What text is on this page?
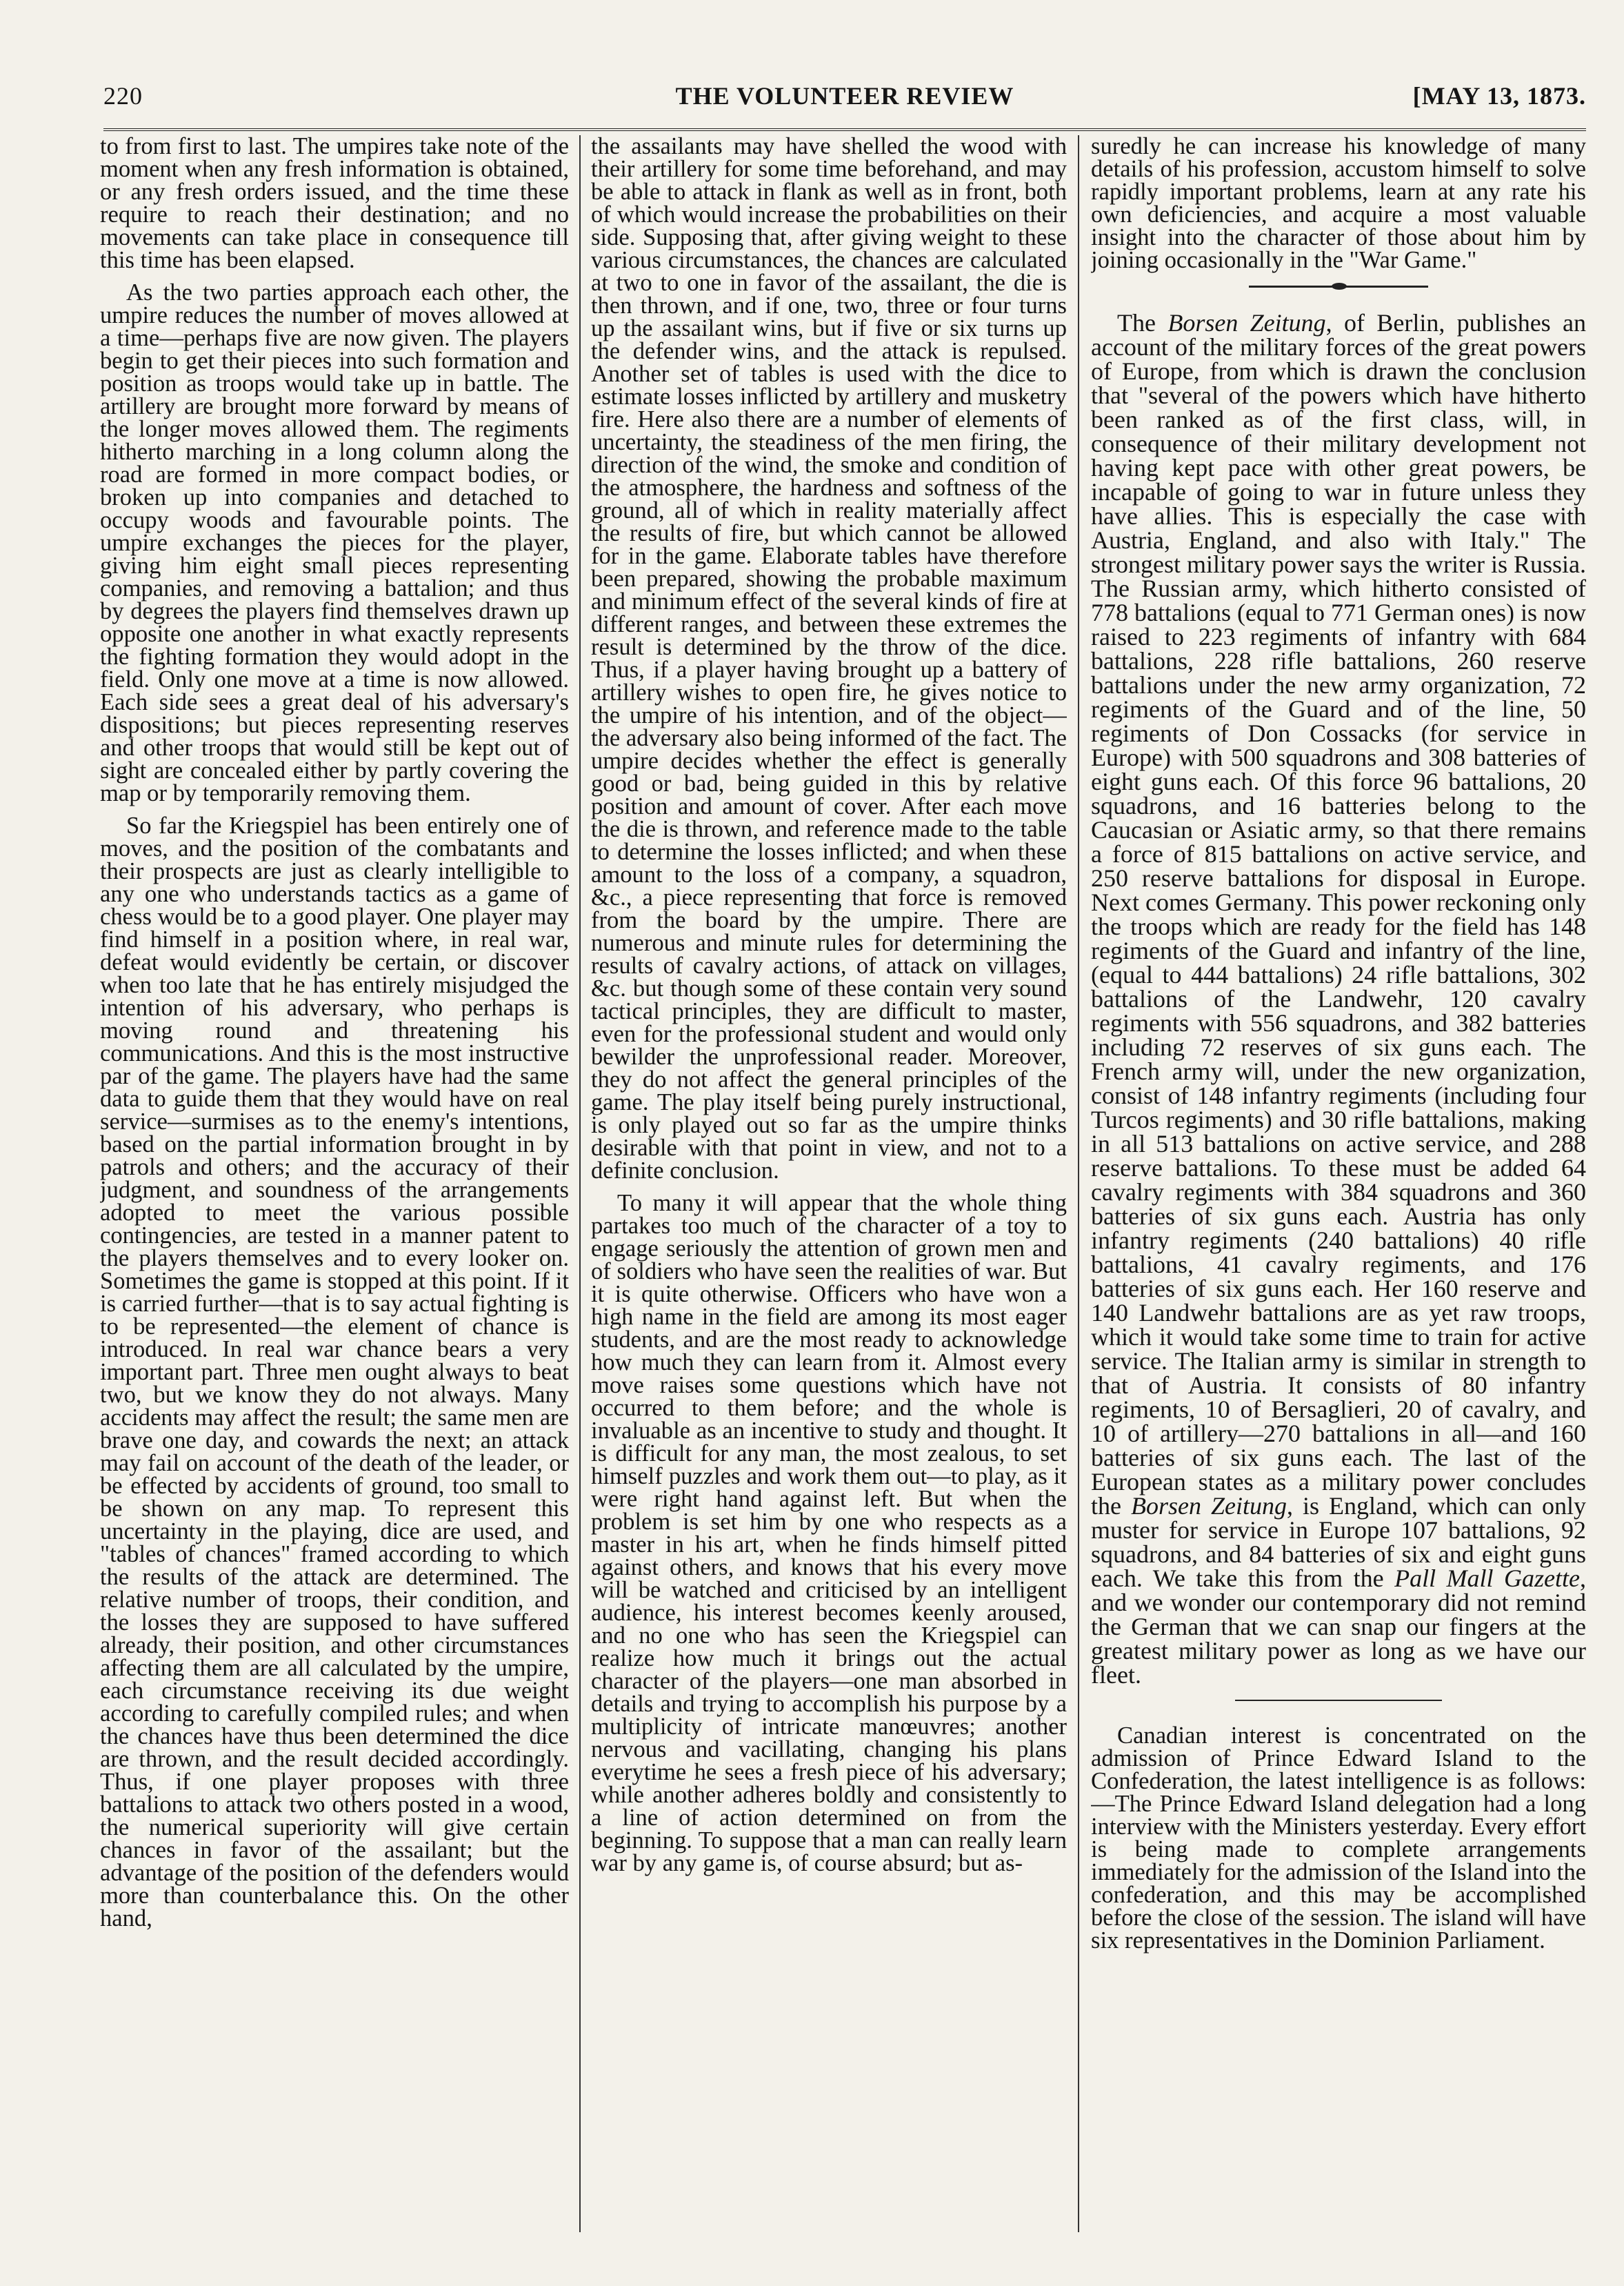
220	THE VOLUNTEER REVIEW	[MAY 13, 1873.

to from first to last. The umpires take note of the moment when any fresh information is obtained, or any fresh orders issued, and the time these require to reach their destination; and no movements can take place in consequence till this time has been elapsed.

As the two parties approach each other, the umpire reduces the number of moves allowed at a time—perhaps five are now given. The players begin to get their pieces into such formation and position as troops would take up in battle. The artillery are brought more forward by means of the longer moves allowed them. The regiments hitherto marching in a long column along the road are formed in more compact bodies, or broken up into companies and detached to occupy woods and favourable points. The umpire exchanges the pieces for the player, giving him eight small pieces representing companies, and removing a battalion; and thus by degrees the players find themselves drawn up opposite one another in what exactly represents the fighting formation they would adopt in the field. Only one move at a time is now allowed. Each side sees a great deal of his adversary's dispositions; but pieces representing reserves and other troops that would still be kept out of sight are concealed either by partly covering the map or by temporarily removing them.

So far the Kriegspiel has been entirely one of moves, and the position of the combatants and their prospects are just as clearly intelligible to any one who understands tactics as a game of chess would be to a good player. One player may find himself in a position where, in real war, defeat would evidently be certain, or discover when too late that he has entirely misjudged the intention of his adversary, who perhaps is moving round and threatening his communications. And this is the most instructive par of the game. The players have had the same data to guide them that they would have on real service—surmises as to the enemy's intentions, based on the partial information brought in by patrols and others; and the accuracy of their judgment, and soundness of the arrangements adopted to meet the various possible contingencies, are tested in a manner patent to the players themselves and to every looker on. Sometimes the game is stopped at this point. If it is carried further—that is to say actual fighting is to be represented—the element of chance is introduced. In real war chance bears a very important part. Three men ought always to beat two, but we know they do not always. Many accidents may affect the result; the same men are brave one day, and cowards the next; an attack may fail on account of the death of the leader, or be effected by accidents of ground, too small to be shown on any map. To represent this uncertainty in the playing, dice are used, and "tables of chances" framed according to which the results of the attack are determined. The relative number of troops, their condition, and the losses they are supposed to have suffered already, their position, and other circumstances affecting them are all calculated by the umpire, each circumstance receiving its due weight according to carefully compiled rules; and when the chances have thus been determined the dice are thrown, and the result decided accordingly. Thus, if one player proposes with three battalions to attack two others posted in a wood, the numerical superiority will give certain chances in favor of the assailant; but the advantage of the position of the defenders would more than counterbalance this. On the other hand,

the assailants may have shelled the wood with their artillery for some time beforehand, and may be able to attack in flank as well as in front, both of which would increase the probabilities on their side. Supposing that, after giving weight to these various circumstances, the chances are calculated at two to one in favor of the assailant, the die is then thrown, and if one, two, three or four turns up the assailant wins, but if five or six turns up the defender wins, and the attack is repulsed. Another set of tables is used with the dice to estimate losses inflicted by artillery and musketry fire. Here also there are a number of elements of uncertainty, the steadiness of the men firing, the direction of the wind, the smoke and condition of the atmosphere, the hardness and softness of the ground, all of which in reality materially affect the results of fire, but which cannot be allowed for in the game. Elaborate tables have therefore been prepared, showing the probable maximum and minimum effect of the several kinds of fire at different ranges, and between these extremes the result is determined by the throw of the dice. Thus, if a player having brought up a battery of artillery wishes to open fire, he gives notice to the umpire of his intention, and of the object—the adversary also being informed of the fact. The umpire decides whether the effect is generally good or bad, being guided in this by relative position and amount of cover. After each move the die is thrown, and reference made to the table to determine the losses inflicted; and when these amount to the loss of a company, a squadron, &c., a piece representing that force is removed from the board by the umpire. There are numerous and minute rules for determining the results of cavalry actions, of attack on villages, &c. but though some of these contain very sound tactical principles, they are difficult to master, even for the professional student and would only bewilder the unprofessional reader. Moreover, they do not affect the general principles of the game. The play itself being purely instructional, is only played out so far as the umpire thinks desirable with that point in view, and not to a definite conclusion.

To many it will appear that the whole thing partakes too much of the character of a toy to engage seriously the attention of grown men and of soldiers who have seen the realities of war. But it is quite otherwise. Officers who have won a high name in the field are among its most eager students, and are the most ready to acknowledge how much they can learn from it. Almost every move raises some questions which have not occurred to them before; and the whole is invaluable as an incentive to study and thought. It is difficult for any man, the most zealous, to set himself puzzles and work them out—to play, as it were right hand against left. But when the problem is set him by one who respects as a master in his art, when he finds himself pitted against others, and knows that his every move will be watched and criticised by an intelligent audience, his interest becomes keenly aroused, and no one who has seen the Kriegspiel can realize how much it brings out the actual character of the players—one man absorbed in details and trying to accomplish his purpose by a multiplicity of intricate manœuvres; another nervous and vacillating, changing his plans everytime he sees a fresh piece of his adversary; while another adheres boldly and consistently to a line of action determined on from the beginning. To suppose that a man can really learn war by any game is, of course absurd; but as-

suredly he can increase his knowledge of many details of his profession, accustom himself to solve rapidly important problems, learn at any rate his own deficiencies, and acquire a most valuable insight into the character of those about him by joining occasionally in the "War Game."

The Borsen Zeitung, of Berlin, publishes an account of the military forces of the great powers of Europe, from which is drawn the conclusion that "several of the powers which have hitherto been ranked as of the first class, will, in consequence of their military development not having kept pace with other great powers, be incapable of going to war in future unless they have allies. This is especially the case with Austria, England, and also with Italy." The strongest military power says the writer is Russia. The Russian army, which hitherto consisted of 778 battalions (equal to 771 German ones) is now raised to 223 regiments of infantry with 684 battalions, 228 rifle battalions, 260 reserve battalions under the new army organization, 72 regiments of the Guard and of the line, 50 regiments of Don Cossacks (for service in Europe) with 500 squadrons and 308 batteries of eight guns each. Of this force 96 battalions, 20 squadrons, and 16 batteries belong to the Caucasian or Asiatic army, so that there remains a force of 815 battalions on active service, and 250 reserve battalions for disposal in Europe. Next comes Germany. This power reckoning only the troops which are ready for the field has 148 regiments of the Guard and infantry of the line, (equal to 444 battalions) 24 rifle battalions, 302 battalions of the Landwehr, 120 cavalry regiments with 556 squadrons, and 382 batteries including 72 reserves of six guns each. The French army will, under the new organization, consist of 148 infantry regiments (including four Turcos regiments) and 30 rifle battalions, making in all 513 battalions on active service, and 288 reserve battalions. To these must be added 64 cavalry regiments with 384 squadrons and 360 batteries of six guns each. Austria has only infantry regiments (240 battalions) 40 rifle battalions, 41 cavalry regiments, and 176 batteries of six guns each. Her 160 reserve and 140 Landwehr battalions are as yet raw troops, which it would take some time to train for active service. The Italian army is similar in strength to that of Austria. It consists of 80 infantry regiments, 10 of Bersaglieri, 20 of cavalry, and 10 of artillery—270 battalions in all—and 160 batteries of six guns each. The last of the European states as a military power concludes the Borsen Zeitung, is England, which can only muster for service in Europe 107 battalions, 92 squadrons, and 84 batteries of six and eight guns each. We take this from the Pall Mall Gazette, and we wonder our contemporary did not remind the German that we can snap our fingers at the greatest military power as long as we have our fleet.

Canadian interest is concentrated on the admission of Prince Edward Island to the Confederation, the latest intelligence is as follows:—The Prince Edward Island delegation had a long interview with the Ministers yesterday. Every effort is being made to complete arrangements immediately for the admission of the Island into the confederation, and this may be accomplished before the close of the session. The island will have six representatives in the Dominion Parliament.
